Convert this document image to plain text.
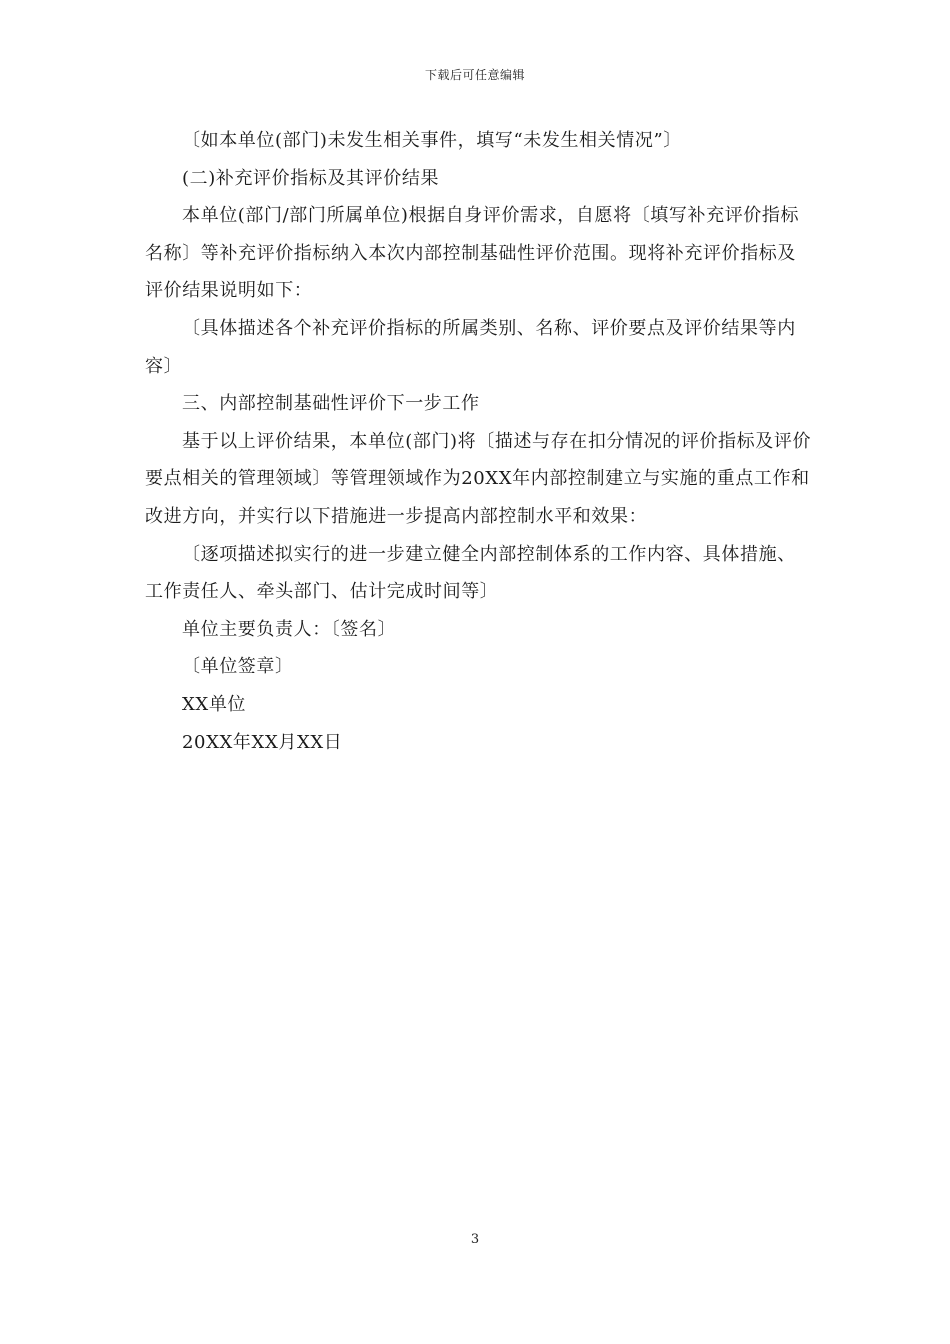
下载后可任意编辑

〔如本单位(部门)未发生相关事件，填写“未发生相关情况”〕

(二)补充评价指标及其评价结果

本单位(部门/部门所属单位)根据自身评价需求，自愿将〔填写补充评价指标名称〕等补充评价指标纳入本次内部控制基础性评价范围。现将补充评价指标及评价结果说明如下：

〔具体描述各个补充评价指标的所属类别、名称、评价要点及评价结果等内容〕

三、内部控制基础性评价下一步工作

基于以上评价结果，本单位(部门)将〔描述与存在扣分情况的评价指标及评价要点相关的管理领域〕等管理领域作为20XX年内部控制建立与实施的重点工作和改进方向，并实行以下措施进一步提高内部控制水平和效果：

〔逐项描述拟实行的进一步建立健全内部控制体系的工作内容、具体措施、工作责任人、牵头部门、估计完成时间等〕

单位主要负责人：〔签名〕

〔单位签章〕

XX单位

20XX年XX月XX日

3
